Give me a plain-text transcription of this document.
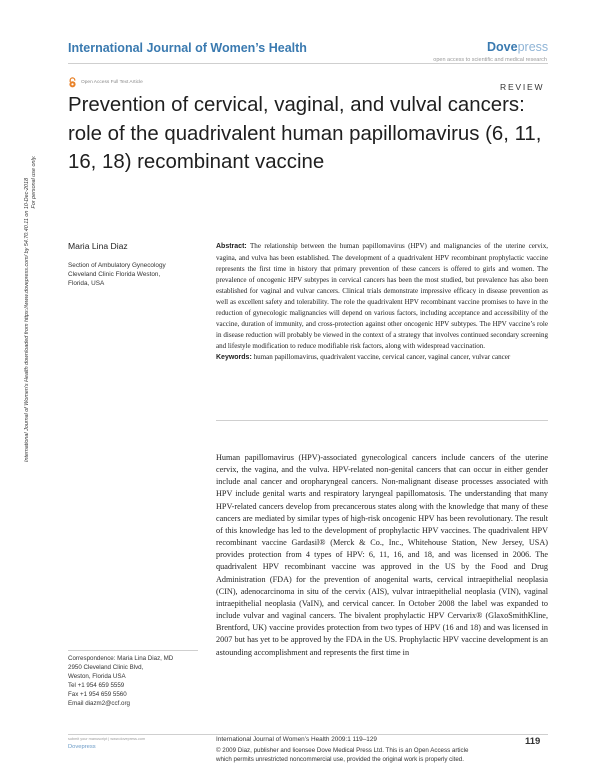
International Journal of Women’s Health	Dovepress
open access to scientific and medical research
Open Access Full Text Article	REVIEW
Prevention of cervical, vaginal, and vulval cancers: role of the quadrivalent human papillomavirus (6, 11, 16, 18) recombinant vaccine
International Journal of Women's Health downloaded from https://www.dovepress.com/ by 54.70.40.11 on 10-Dec-2018 For personal use only.
Maria Lina Diaz

Section of Ambulatory Gynecology

Cleveland Clinic Florida Weston,

Florida, USA

Abstract: The relationship between the human papillomavirus (HPV) and malignancies of the uterine cervix, vagina, and vulva has been established. The development of a quadrivalent HPV recombinant prophylactic vaccine represents the first time in history that primary prevention of these cancers is offered to girls and women. The prevalence of oncogenic HPV subtypes in cervical cancers has been the most studied, but prevalence has also been established for vaginal and vulvar cancers. Clinical trials demonstrate impressive efficacy in disease prevention as well as excellent safety and tolerability. The role the quadrivalent HPV recombinant vaccine promises to have in the reduction of gynecologic malignancies will depend on various factors, including acceptance and accessibility of the vaccine, duration of immunity, and cross-protection against other oncogenic HPV subtypes. The HPV vaccine’s role in disease reduction will probably be viewed in the context of a strategy that involves continued secondary screening and lifestyle modification to reduce modifiable risk factors, along with widespread vaccination.

Keywords: human papillomavirus, quadrivalent vaccine, cervical cancer, vaginal cancer, vulvar cancer

Human papillomavirus (HPV)-associated gynecological cancers include cancers of the uterine cervix, the vagina, and the vulva. HPV-related non-genital cancers that can occur in either gender include anal cancer and oropharyngeal cancers. Non-malignant disease processes associated with HPV include genital warts and respiratory laryngeal papillomatosis. The understanding that many HPV-related cancers develop from precancerous states along with the knowledge that many of these cancers are mediated by similar types of high-risk oncogenic HPV has been revolutionary. The result of this knowledge has led to the development of prophylactic HPV vaccines. The quadrivalent HPV recombinant vaccine Gardasil® (Merck & Co., Inc., Whitehouse Station, New Jersey, USA) provides protection from 4 types of HPV: 6, 11, 16, and 18, and was licensed in 2006. The quadrivalent HPV recombinant vaccine was approved in the US by the Food and Drug Administration (FDA) for the prevention of anogenital warts, cervical intraepithelial neoplasia (CIN), adenocarcinoma in situ of the cervix (AIS), vulvar intraepithelial neoplasia (VIN), vaginal intraepithelial neoplasia (VaIN), and cervical cancer. In October 2008 the label was expanded to include vulvar and vaginal cancers. The bivalent prophylactic HPV Cervarix® (GlaxoSmithKline, Brentford, UK) vaccine provides protection from two types of HPV (16 and 18) and was licensed in 2007 but has yet to be approved by the FDA in the US. Prophylactic HPV vaccine development is an astounding accomplishment and represents the first time in

Correspondence: Maria Lina Diaz, MD

2950 Cleveland Clinic Blvd,

Weston, Florida USA

Tel +1 954 659 5559

Fax +1 954 659 5560

Email diazm2@ccf.org

submit your manuscript | www.dovepress.com
Dovepress
International Journal of Women’s Health 2009:1 119–129	119
© 2009 Diaz, publisher and licensee Dove Medical Press Ltd. This is an Open Access article
which permits unrestricted noncommercial use, provided the original work is properly cited.
